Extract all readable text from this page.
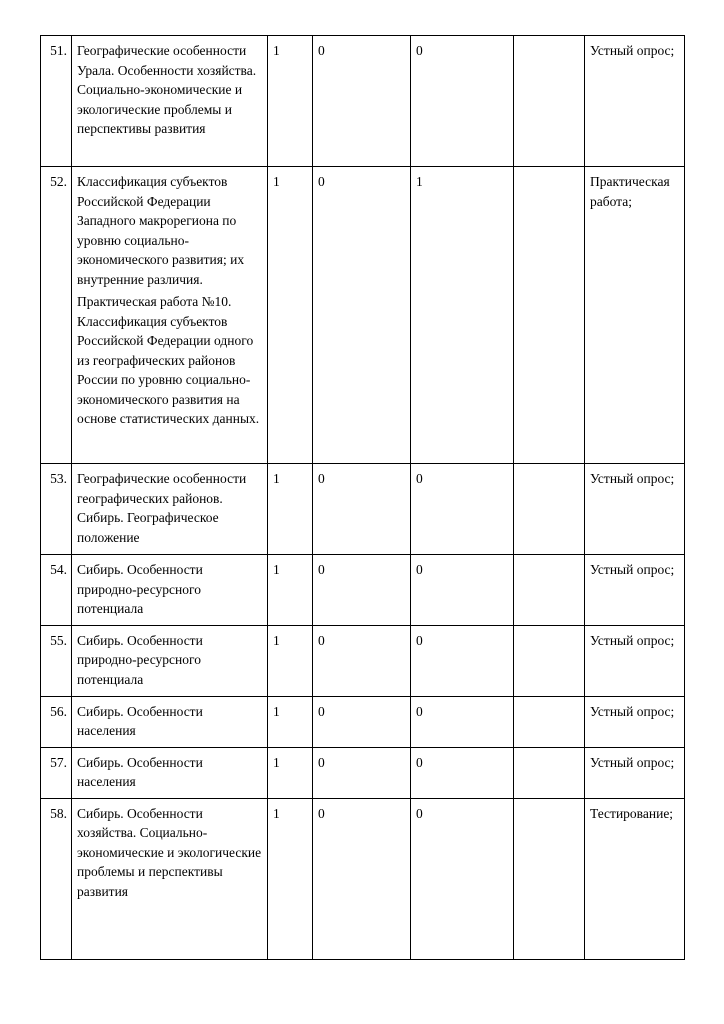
51.	Географические особенности Урала. Особенности хозяйства. Социально-экономические и экологические проблемы и перспективы развития	1	0	0		Устный опрос;
52.	Классификация субъектов Российской Федерации Западного макрорегиона по уровню социально-экономического развития; их внутренние различия.
Практическая работа №10. Классификация субъектов Российской Федерации одного из географических районов России по уровню социально-экономического развития на основе статистических данных.	1	0	1		Практическая работа;
53.	Географические особенности географических районов. Сибирь. Географическое положение	1	0	0		Устный опрос;
54.	Сибирь. Особенности природно-ресурсного потенциала	1	0	0		Устный опрос;
55.	Сибирь. Особенности природно-ресурсного потенциала	1	0	0		Устный опрос;
56.	Сибирь. Особенности населения	1	0	0		Устный опрос;
57.	Сибирь. Особенности населения	1	0	0		Устный опрос;
58.	Сибирь. Особенности хозяйства. Социально-экономические и экологические проблемы и перспективы развития	1	0	0		Тестирование;
